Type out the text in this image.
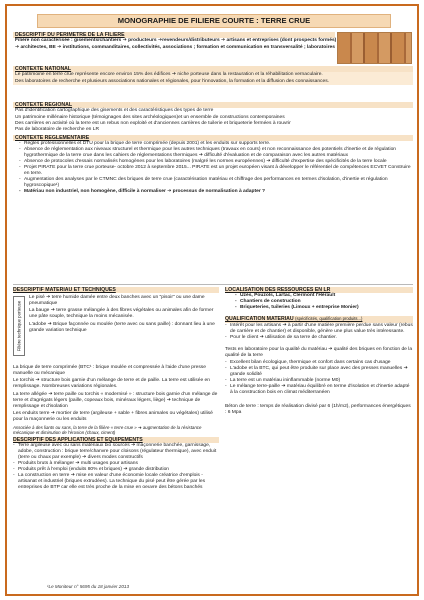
MONOGRAPHIE DE FILIERE COURTE : TERRE CRUE
DESCRIPTIF DU PERIMETRE DE LA FILIERE
Filière non caractérisée : gisements/chantiers ➔ producteurs ➔revendeurs/distributeurs ➔ artisans et entreprises (dont prospects formés) ➔ architectes, BE ➔ institutions, commanditaires, collectivités, associations ; formation et communication en transversalité ; laboratoires
CONTEXTE NATIONAL
Le patrimoine en terre crue représente encore environ 15% des édifices ➔ niche porteuse dans la restauration et la réhabilitation vernaculaire.
Des laboratoires de recherche et plusieurs associations nationales et régionales, pour l'innovation, la formation et la diffusion des connaissances.
CONTEXTE REGIONAL
Pas d'identification cartographique des gisements et des caractéristiques des types de terre
Un patrimoine millénaire historique (témoignages des sites archéologiques)et un ensemble de constructions contemporaines
Des carrières en activité où la terre est un rebus non exploité et d'anciennes carrières de tuilerie et briqueterie fermées à rouvrir
Pas de laboratoire de recherche en LR
CONTEXTE REGLEMENTAIRE
- Règles professionnelles et DTU pour la brique de terre comprimée (depuis 2001) et les enduits sur supports terre.
- Absence de réglementation aux niveaux structurel et thermique pour les autres techniques (travaux en cours) et non reconnaissance des potentiels d'inertie et de régulation hygrothermique de la terre crue dans les cahiers de réglementations thermiques ➔ difficulté d'évaluation et de comparaison avec les autres matériaux
- Absence de protocoles d'essais normalisés homogènes pour les laboratoires (malgré les normes européennes) ➔ difficulté d'expertise des spécificités de la terre locale
- Projet PIRATE pour la terre crue porteuse- octobre 2012 à septembre 2015... PIRATE est un projet européen visant à développer le référentiel de compétences ECVET Construire en terre.
- Augmentation des analyses par le CTMNC des briques de terre crue (caractérisation matériau et chiffrage des performances en termes d'isolation, d'inertie et régulation hygroscopique¹)
- Matériau non industriel, non homogène, difficile à normaliser ➔ processus de normalisation à adapter ?
DESCRIPTIF MATERIAU ET TECHNIQUES
Filière technique porteuse

Le pisé ➔ terre humide damée entre deux banches avec un "pisoir" ou une dame pneumatique

La bauge ➔ terre grasse mélangée à des fibres végétales ou animales afin de former une pâte souple, technique la moins mécanisée.

L'adobe ➔ Brique façonnée ou moulée (terre avec ou sans paille) : donnant lieu à une grande variation technique

La brique de terre comprimée (BTC¹ : brique moulée et compressée à l'aide d'une presse manuelle ou mécanique

Le torchis ➔ structure bois garnie d'un mélange de terre et de paille. La terre est utilisée en remplissage. Nombreuses variations régionales.

La terre allégée ➔ terre paille ou torchis « modernisé » : structure bois garnie d'un mélange de terre et d'agrégats légers (paille, copeaux bois, minéraux légers, liège) ➔ technique de remplissage et d'isolation

Les enduits terre ➔ mortier de terre (argileuse + sable + fibres animales ou végétales) utilisé pour la maçonnerie ou les enduits

Associée à des liants ou sans, la terre de la filière « terre crue » ➔ augmentation de la résistance mécanique et diminution de l'érosion (chaux, ciment)

DESCRIPTIF DES APPLICATIONS ET EQUIPEMENTS
- Terre argileuse avec ou sans matériaux bio sourcés ➔ maçonnerie banchée, garnissage, adobe, construction : brique terre/chanvre pour cloisons (régulateur thermique), avec enduit (terre ou chaux par exemple) ➔ divers modes constructifs
- Produits bruts à mélanger ➔ multi usages pour artisans
- Produits prêt à l'emploi (enduits 80% et briques) ➔ grande distribution
- La construction en terre ➔ mise en valeur d'une économie locale créatrice d'emplois - artisanat et industriel (briques extrudées). La technique du pisé peut être gérée par les entreprises de BTP car elle est très proche de la mise en oeuvre des bétons banchés
LOCALISATION DES RESSOURCES EN LR
- Uzès, Pouzols, Lartac, Clermont l'Hérault
- Chantiers de construction
- Briqueteries, tuileries (Limoux + entreprise Monier)
QUALIFICATION MATERIAU (spécificités, qualification produits...)
- Intérêt pour les artisans ➔ à partir d'une matière première perdue sans valeur (rebus de carrière et de chantier) et disponible, génère une plus value très intéressante.
- Pour le client ➔ utilisation de sa terre de chantier.

Tests en laboratoire pour la qualité du matériau ➔ qualité des briques en fonction de la qualité de la terre

- Excellent bilan écologique, thermique et confort dans certains cas d'usage
- L'adobe et la BTC, qui peut être produite sur place avec des presses manuelles ➔ grande solidité
- La terre est un matériau ininflammable (norme M0)
- Le mélange terre-paille ➔ matériau équilibré en terme d'isolation et d'inertie adapté à la construction bois en climat méditerranéen

Béton de terre : temps de réalisation divisé par 6 (1h/m2), performances énergétiques : 6 Mpa

¹Le Moniteur n° 5695 du 18 janvier 2013
